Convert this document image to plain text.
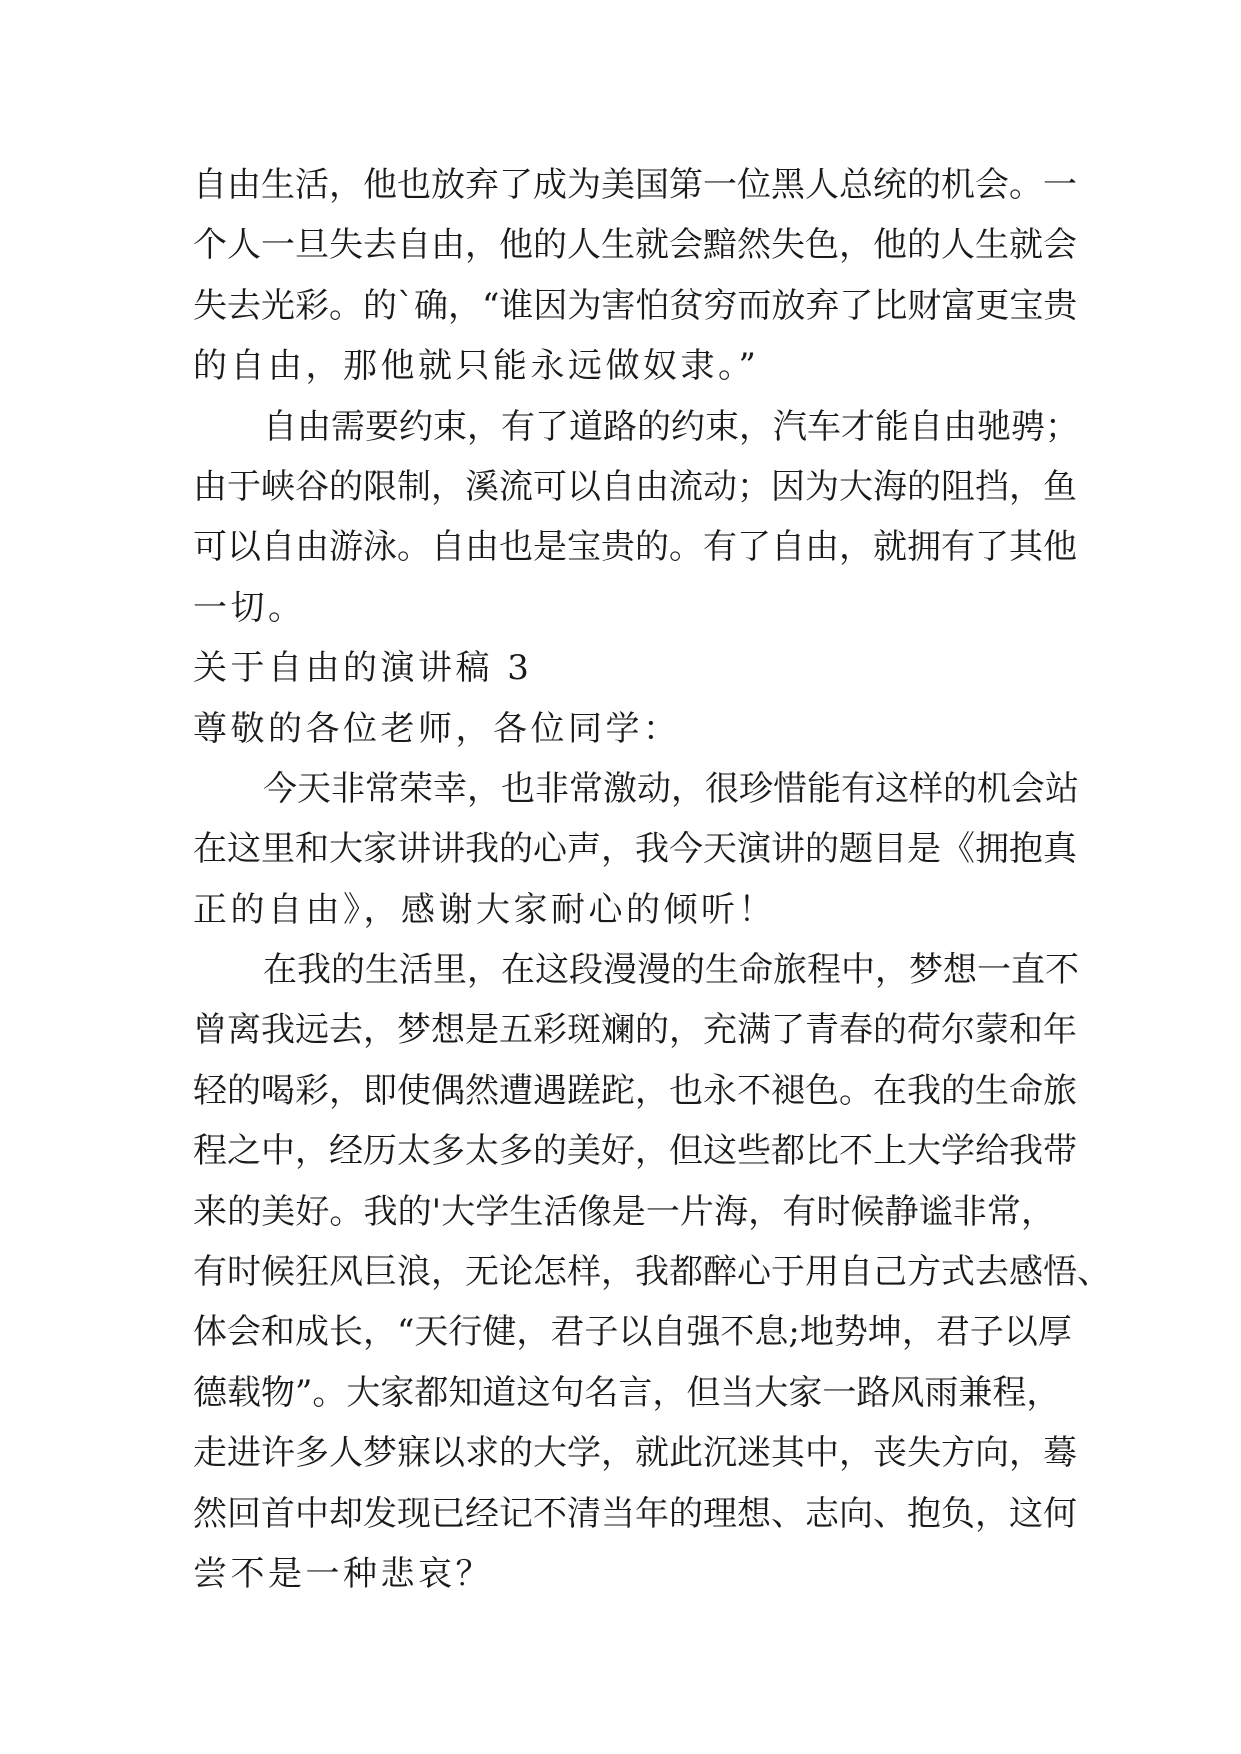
自由生活，他也放弃了成为美国第一位黑人总统的机会。一
个人一旦失去自由，他的人生就会黯然失色，他的人生就会
失去光彩。的`确，“谁因为害怕贫穷而放弃了比财富更宝贵
的自由，那他就只能永远做奴隶。”
自由需要约束，有了道路的约束，汽车才能自由驰骋；
由于峡谷的限制，溪流可以自由流动；因为大海的阻挡，鱼
可以自由游泳。自由也是宝贵的。有了自由，就拥有了其他
一切。
关于自由的演讲稿 3
尊敬的各位老师，各位同学：
今天非常荣幸，也非常激动，很珍惜能有这样的机会站
在这里和大家讲讲我的心声，我今天演讲的题目是《拥抱真
正的自由》，感谢大家耐心的倾听！
在我的生活里，在这段漫漫的生命旅程中，梦想一直不
曾离我远去，梦想是五彩斑斓的，充满了青春的荷尔蒙和年
轻的喝彩，即使偶然遭遇蹉跎，也永不褪色。在我的生命旅
程之中，经历太多太多的美好，但这些都比不上大学给我带
来的美好。我的'大学生活像是一片海，有时候静谧非常，
有时候狂风巨浪，无论怎样，我都醉心于用自己方式去感悟、
体会和成长，“天行健，君子以自强不息;地势坤，君子以厚
德载物”。大家都知道这句名言，但当大家一路风雨兼程，
走进许多人梦寐以求的大学，就此沉迷其中，丧失方向，蓦
然回首中却发现已经记不清当年的理想、志向、抱负，这何
尝不是一种悲哀？
